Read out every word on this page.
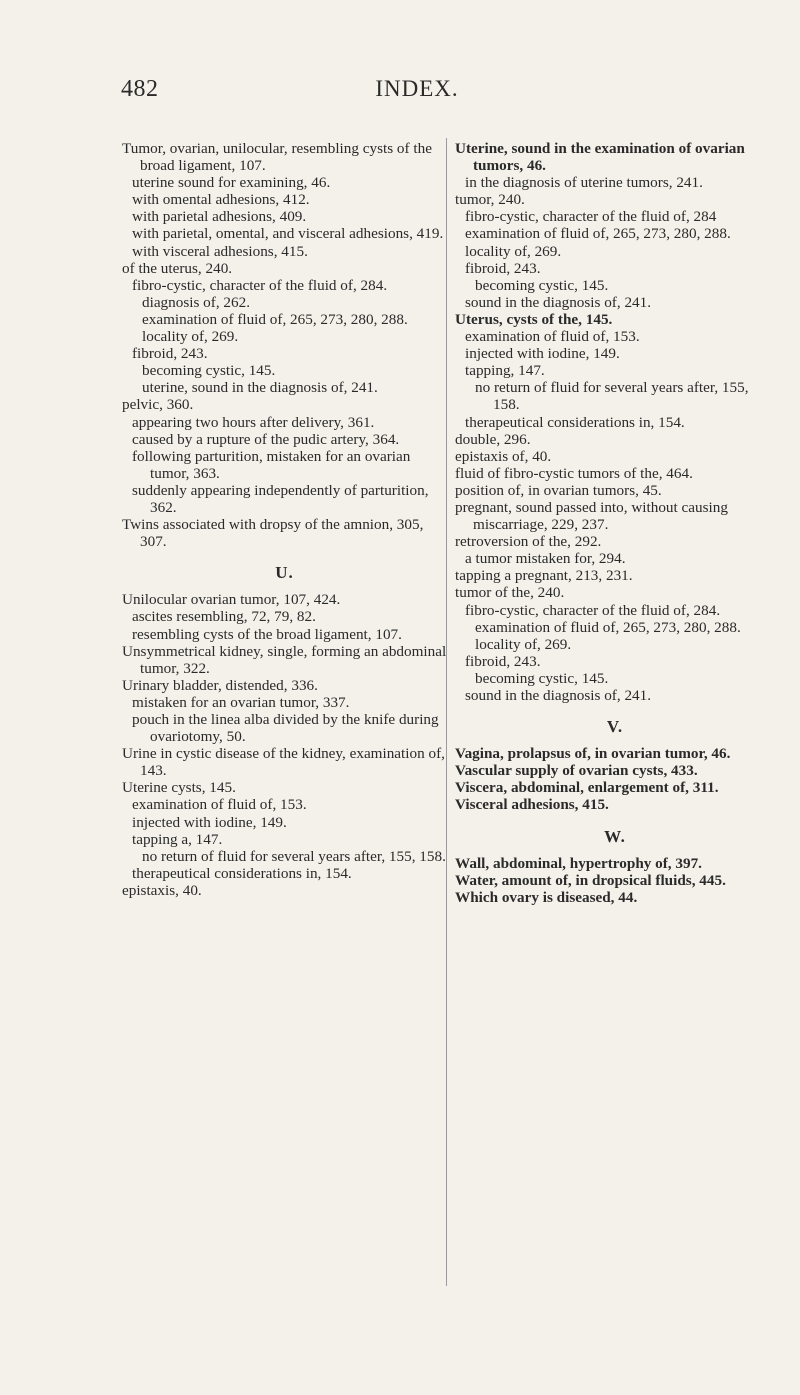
482	INDEX.

Tumor, ovarian, unilocular, resembling cysts of the broad ligament, 107.

uterine sound for examining, 46.

with omental adhesions, 412.

with parietal adhesions, 409.

with parietal, omental, and visceral adhesions, 419.

with visceral adhesions, 415.

of the uterus, 240.

fibro-cystic, character of the fluid of, 284.

diagnosis of, 262.

examination of fluid of, 265, 273, 280, 288.

locality of, 269.

fibroid, 243.

becoming cystic, 145.

uterine, sound in the diagnosis of, 241.

pelvic, 360.

appearing two hours after delivery, 361.

caused by a rupture of the pudic artery, 364.

following parturition, mistaken for an ovarian tumor, 363.

suddenly appearing independently of parturition, 362.

Twins associated with dropsy of the amnion, 305, 307.

U.

Unilocular ovarian tumor, 107, 424.

ascites resembling, 72, 79, 82.

resembling cysts of the broad ligament, 107.

Unsymmetrical kidney, single, forming an abdominal tumor, 322.

Urinary bladder, distended, 336.

mistaken for an ovarian tumor, 337.

pouch in the linea alba divided by the knife during ovariotomy, 50.

Urine in cystic disease of the kidney, examination of, 143.

Uterine cysts, 145.

examination of fluid of, 153.

injected with iodine, 149.

tapping a, 147.

no return of fluid for several years after, 155, 158.

therapeutical considerations in, 154.

epistaxis, 40.

Uterine, sound in the examination of ovarian tumors, 46.

in the diagnosis of uterine tumors, 241.

tumor, 240.

fibro-cystic, character of the fluid of, 284

examination of fluid of, 265, 273, 280, 288.

locality of, 269.

fibroid, 243.

becoming cystic, 145.

sound in the diagnosis of, 241.

Uterus, cysts of the, 145.

examination of fluid of, 153.

injected with iodine, 149.

tapping, 147.

no return of fluid for several years after, 155, 158.

therapeutical considerations in, 154.

double, 296.

epistaxis of, 40.

fluid of fibro-cystic tumors of the, 464.

position of, in ovarian tumors, 45.

pregnant, sound passed into, without causing miscarriage, 229, 237.

retroversion of the, 292.

a tumor mistaken for, 294.

tapping a pregnant, 213, 231.

tumor of the, 240.

fibro-cystic, character of the fluid of, 284.

examination of fluid of, 265, 273, 280, 288.

locality of, 269.

fibroid, 243.

becoming cystic, 145.

sound in the diagnosis of, 241.

V.

Vagina, prolapsus of, in ovarian tumor, 46.

Vascular supply of ovarian cysts, 433.

Viscera, abdominal, enlargement of, 311.

Visceral adhesions, 415.

W.

Wall, abdominal, hypertrophy of, 397.

Water, amount of, in dropsical fluids, 445.

Which ovary is diseased, 44.
